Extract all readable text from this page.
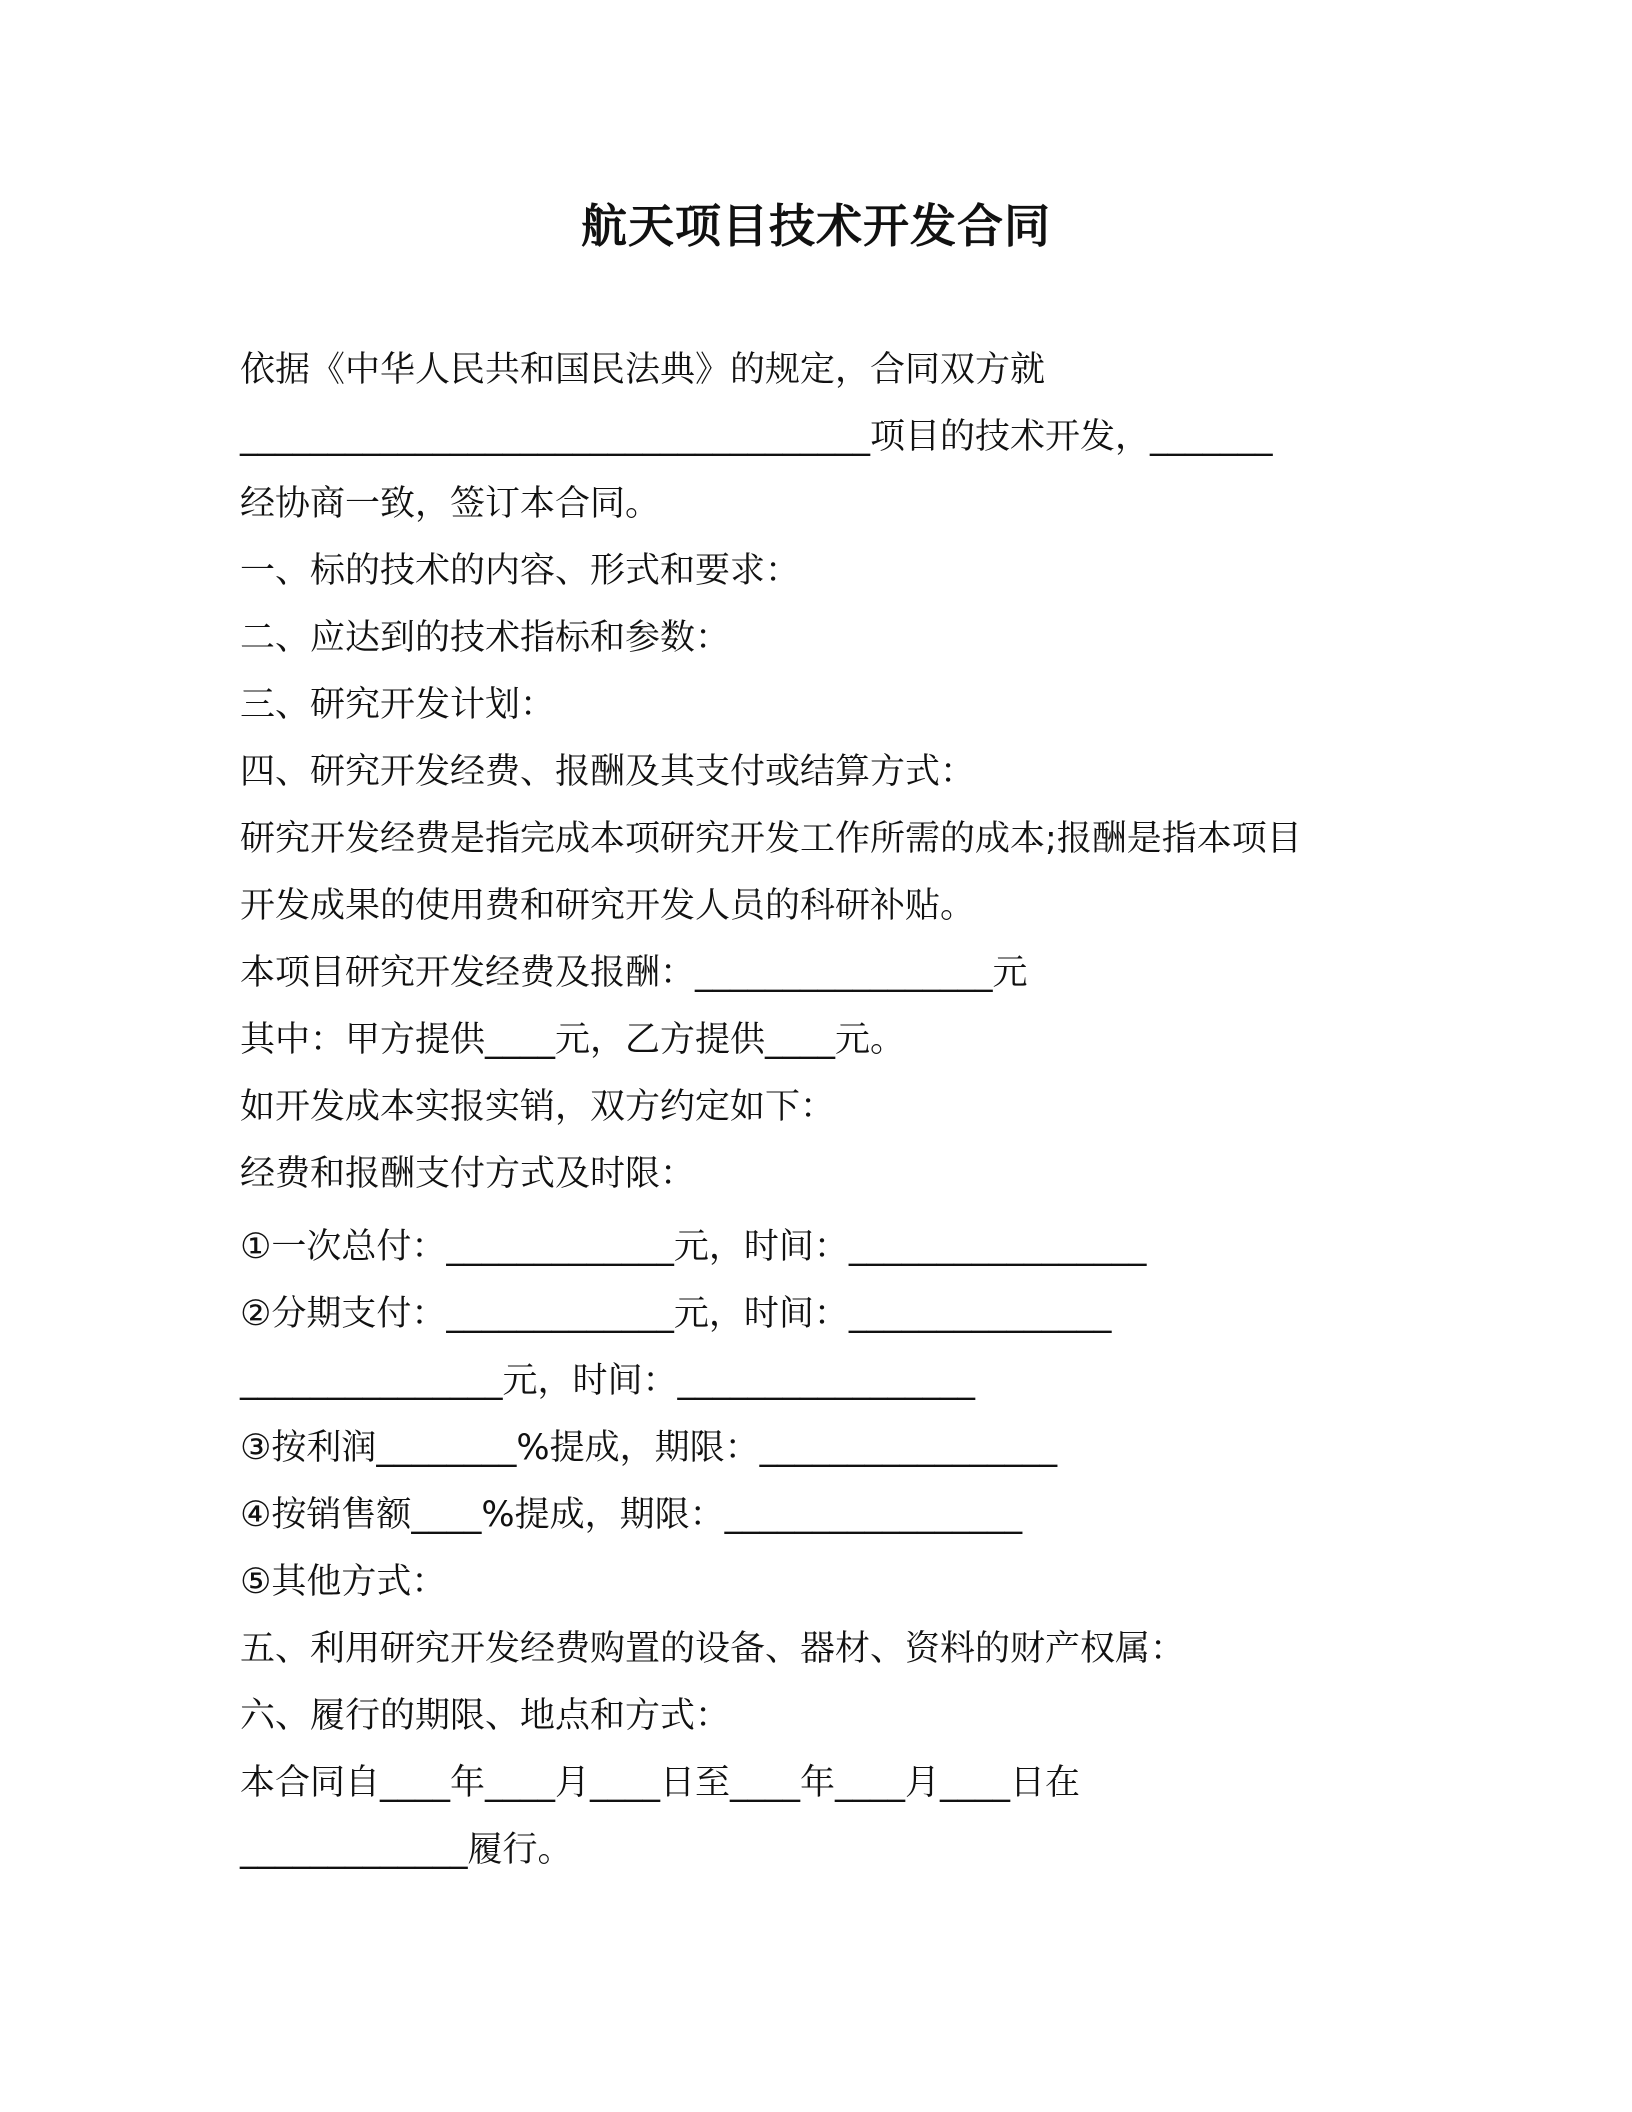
航天项目技术开发合同
依据《中华人民共和国民法典》的规定，合同双方就
____________________________________项目的技术开发，_______
经协商一致，签订本合同。
一、标的技术的内容、形式和要求：
二、应达到的技术指标和参数：
三、研究开发计划：
四、研究开发经费、报酬及其支付或结算方式：
研究开发经费是指完成本项研究开发工作所需的成本;报酬是指本项目
开发成果的使用费和研究开发人员的科研补贴。
本项目研究开发经费及报酬：_________________元
其中：甲方提供____元，乙方提供____元。
如开发成本实报实销，双方约定如下：
经费和报酬支付方式及时限：
①一次总付：_____________元，时间：_________________
②分期支付：_____________元，时间：_______________
_______________元，时间：_________________
③按利润________%提成，期限：_________________
④按销售额____%提成，期限：_________________
⑤其他方式：
五、利用研究开发经费购置的设备、器材、资料的财产权属：
六、履行的期限、地点和方式：
本合同自____年____月____日至____年____月____日在
_____________履行。
